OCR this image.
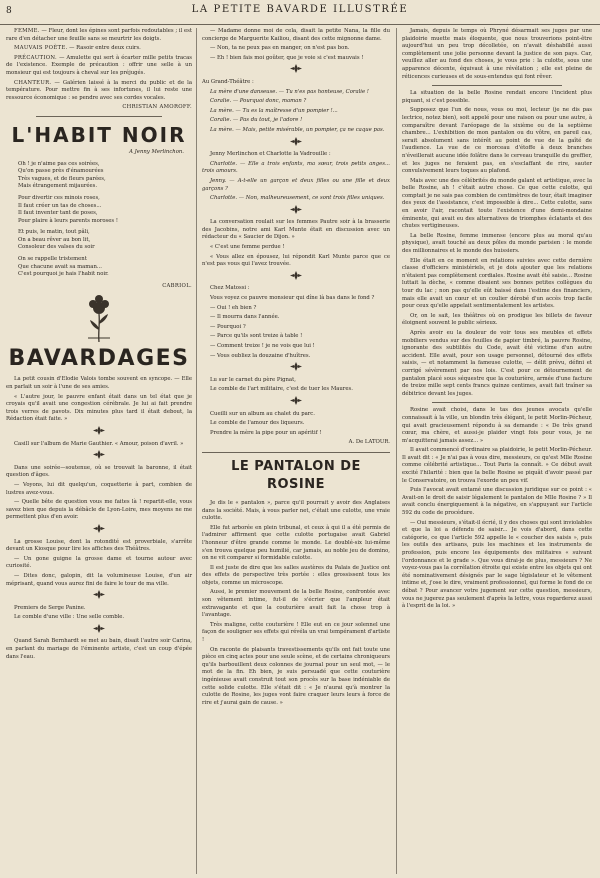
8	LA PETITE BAVARDE ILLUSTRÉE

FEMME. — Fleur, dont les épines sont parfois redoutables ; il est rare d'en détacher une feuille sans se meurtrir les doigts.

MAUVAIS POÈTE. — Rasoir entre deux cuirs.

PRÉCAUTION. — Amulette qui sert à écarter mille petits tracas de l'existence. Exemple de précaution : offrir une selle à un monsieur qui est toujours à cheval sur les préjugés.

CHANTEUR. — Galérien laissé à la merci du public et de la température. Pour mettre fin à ses infortunes, il lui reste une ressource économique : se pendre avec ses cordes vocales.

CHRISTIAN AMOROFF.

L'HABIT NOIR

A Jenny Merlinchon.

Oh ! je n'aime pas ces soirées,

Qu'on passe près d'énamourées

Très vagues, et de fleurs parées,

Mais étrangement mijaurées.

Pour divertir ces minois roses,

Il faut créer un tas de choses...

Il faut inventer tant de poses,

Pour plaire à leurs parents moroses !

Et puis, le matin, tout pâli,

On a beau rêver au bon lit,

Consoleur des valses du soir

On se rappelle tristement

Que chacune avait sa maman...

C'est pourquoi je hais l'habit noir.

CABRIOL.

BAVARDAGES

La petit cousin d'Elodie Valois tombe souvent en syncope. — Elle en parlait un soir à l'une de ses amies.

« L'autre jour, le pauvre enfant était dans un tel état que je croyais qu'il avait une congestion cérébrale. Je lui ai fait prendre trois verres de pavots. Dix minutes plus tard il était debout, la Rédaction était faite. »

Casill sur l'album de Marie Gauthier. « Amour, poison d'avril. »

Dans une soirée—soutenue, où se trouvait la baronne, il était question d'âges.

— Voyons, lui dit quelqu'un, coquetterie à part, combien de lustres avez-vous.

— Quelle bête de question vous me faites là ! repartit-elle, vous savez bien que depuis la débâcle de Lyon-Loire, mes moyens ne me permettent plus d'en avoir.

La grosse Louise, dont la rotondité est proverbiale, s'arrête devant un Kiosque pour lire les affiches des Théâtres.

— Un gone guigne la grosse dame et tourne autour avec curiosité.

— Dites donc, galopin, dit la volumineuse Louise, d'un air méprisant, quand vous aurez fini de faire le tour de ma ville.

Premiers de Serge Panine.

Le comble d'une ville : Une selle comble.

Quand Sarah Bernhardt se met au bain, disait l'autre soir Carina, en parlant du mariage de l'éminente artiste, c'est un coup d'épée dans l'eau.

— Madame donne moi de cela, disait la petite Nana, la fille du concierge de Marguerite Kailiou, disant des cette mignonne dame.

— Non, ta ne peux pas en manger, on n'est pas bon.

— Eh ! bien fais moi goûter, que je voie si c'est mauvais !

Au Grand-Théâtre :

La mère d'une danseuse. — Tu n'es pas honteuse, Coralie !

Coralie. — Pourquoi donc, maman ?

La mère. — Tu es la maîtresse d'un pompier !...

Coralie. — Pas du tout, je l'adore !

La mère. — Mais, petite misérable, un pompier, ça ne caque pas.

Jenny Merlinchon et Charlotte la Vadrouille :

Charlotte. — Elle a trois enfants, ma sœur, trois petits anges... trois amours.

Jenny. — A-t-elle un garçon et deux filles ou une fille et deux garçons ?

Charlotte. — Non, malheureusement, ce sont trois filles uniques.

La conversation roulait sur les femmes Pautre soir à la brasserie des Jacobins, notre ami Karl Munte était en discussion avec un rédacteur du « Saucier de Dijon. »

« C'est une femme perdue !

« Vous allez en épousez, lui répondit Karl Munte parce que ce n'est pas vous qui l'avez trouvée.

Chez Matossi :

Vous voyez ce pauvre monsieur qui dîne là bas dans le fond ?

— Oui ! eh bien ?

— Il mourra dans l'année.

— Pourquoi ?

— Parce qu'ils sont treize à table !

— Comment treize ! je ne vois que lui !

— Vous oubliez la douzaine d'huîtres.

Lu sur le carnet du père Pignat,

Le comble de l'art militaire, c'est de tuer les Maures.

Cueilli sur un album au chalet du parc.

Le comble de l'amour des liqueurs.

Prendre la mère la pipe pour un apéritif !

A. De LATOUR.

LE PANTALON DE ROSINE

Je dis le « pantalon », parce qu'il pourrait y avoir des Anglaises dans la société. Mais, à vous parler net, c'était une culotte, une vraie culotte.

Elle fut arborée en plein tribunal, et ceux à qui il a été permis de l'admirer affirment que cette culotte portugaise avait Gabriel l'honneur d'être grande comme le monde. Le doublé-six lui-même s'en trouva quelque peu humilié, car jamais, au noble jeu de domino, on ne vit comparer si formidable culotte.

Il est juste de dire que les salles austères du Palais de Justice ont des effets de perspective très portée : elles grossissent tous les objets, comme un microscope.

Aussi, le premier mouvement de la belle Rosine, confrontée avec son vêtement intime, fut-il de s'écrier que l'ampleur était extravagante et que la couturière avait fait la chose trop à l'avantage.

Très maligne, cette couturière ! Elle eut en ce jour solennel une façon de souligner ses effets qui révéla un vrai tempérament d'artiste !

On raconte de plaisants travestissements qu'ils ont fait toute une pièce en cinq actes pour une seule scène, et de certains chroniqueurs qu'ils barbouillent deux colonnes de journal pour un seul mot, — le mot de la fin. Eh bien, je suis persuadé que cette couturière ingénieuse avait construit tout son procès sur la base indéniable de cette solide culotte. Elle s'était dit : « Je n'aurai qu'à montrer la culotte de Rosine, les juges vont faire craquer leurs leurs à force de rire et j'aurai gain de cause. »

Jamais, depuis le temps où Phryné désarmait ses juges par une plaidoirie muette mais éloquente, que nous trouverions point-être aujourd'hui un peu trop décolletée, on n'avait déshabillé aussi complètement une jolie personne devant la justice de son pays. Car, veuillez aller au fond des choses, je vous prie : la culotte, sous une apparence décente, équivaut à une révélation ; elle est pleine de réticences curieuses et de sous-entendus qui font rêver.

La situation de la belle Rosine rendait encore l'incident plus piquant, si c'est possible.

Supposez que l'un de nous, vous ou moi, lecteur (je ne dis pas lectrice, notez bien), soit appelé pour une raison ou pour une autre, à comparaître devant l'aréopage de la sixième ou de la septième chambre... L'exhibition de mon pantalon ou du vôtre, en pareil cas, serait absolument sans intérêt au point de vue de la gaîté de l'audience. La vue de ce morceau d'étoffe à deux branches n'éveillerait aucune idée folâtre dans le cerveau tranquille du greffier, et les juges ne feraient pas, en s'esclaffant de rire, sauter convulsivement leurs toques au plafond.

Mais avec une des célébrités du monde galant et artistique, avec la belle Rosine, ah ! c'était autre chose. Ce que cette culotte, qui comptait je ne sais pas combien de centimètres de tour, était imaginer des yeux de l'assistance, c'est impossible à dire... Cette culotte, sans en avoir l'air, racontait toute l'existence d'une demi-mondaine éminente, qui avait eu des alternatives de triomphes éclatants et des chutes vertigineuses.

La belle Rosine, femme immense (encore plus au moral qu'au physique), avait touché au deux pôles du monde parisien : le monde des millionnaires et le monde des huissiers.

Elle était en ce moment en relations suivies avec cette dernière classe d'officiers ministériels, et je dois ajouter que les relations n'étaient pas complètement cordiales. Rosine avait été saisie... Rosine luttait la dèche, « comme disaient ses bonnes petites collègues du tour du lac ; non pas qu'elle eût baissé dans l'estime des financiers, mais elle avait un cœur et un coulier dérobé d'un accès trop facile pour ceux qu'elle appelait sentimentalement les artistes.

Or, on le sait, les théâtres où on prodigue les billets de faveur éloignent souvent le public sérieux.

Après avoir eu la douleur de voir tous ses meubles et effets mobiliers vendus sur des feuilles de papier timbré, la pauvre Rosine, ignorante des subtilités du Code, avait été victime d'un autre accident. Elle avait, pour son usage personnel, détourné des effets saisis, — et notamment la fameuse culotte, — délit prévu, défini et corrigé sévèrement par nos lois. C'est pour ce détournement de pantalon placé sous séquestre que la couturière, armée d'une facture de treize mille sept cents francs quinze centimes, avait fait traîner sa débitrice devant les juges.

Rosine avait choisi, dans le tas des jeunes avocats qu'elle connaissait à la ville, un blondin très élégant, le petit Morlin-Pécheur, qui avait gracieusement répondu à sa demande : « De très grand cœur, ma chère, et aussi-je plaider vingt fois pour vous, je ne m'acquitterai jamais assez... »

Il avait commencé d'ordinaire sa plaidoirie, le petit Morlin-Pécheur. Il avait dit : « Je n'ai pas à vous dire, messieurs, ce qu'est Mlle Rosine comme célébrité artistique... Tout Paris la connaît. » Ce début avait excité l'hilarité : bien que la belle Rosine se piquât d'avoir passé par le Conservatoire, on trouva l'exorde un peu vif.

Puis l'avocat avait entamé une discussion juridique sur ce point : « Avait-on le droit de saisir légalement le pantalon de Mlle Rosine ? » Il avait conclu énergiquement à la négative, en s'appuyant sur l'article 592 du code de procédure.

— Oui messieurs, s'était-il écrié, il y des choses qui sont inviolables et que la loi a défendu de saisir... Je vois d'abord, dans cette catégorie, ce que l'article 592 appelle le « coucher des saisis », puis les outils des artisans, puis les machines et les instruments de profession, puis encore les équipements des militaires « suivant l'ordonnance et le grade ». Que vous dirai-je de plus, messieurs ? Ne voyez-vous pas la corrélation étroite qui existe entre les objets qui ont été nominativement désignés par le sage législateur et le vêtement intime et, j'ose le dire, vraiment professionnel, qui forme le fond de ce débat ? Pour avancer votre jugement sur cette question, messieurs, vous ne jugerez pas seulement d'après la lettre, vous regarderez aussi à l'esprit de la loi. »
